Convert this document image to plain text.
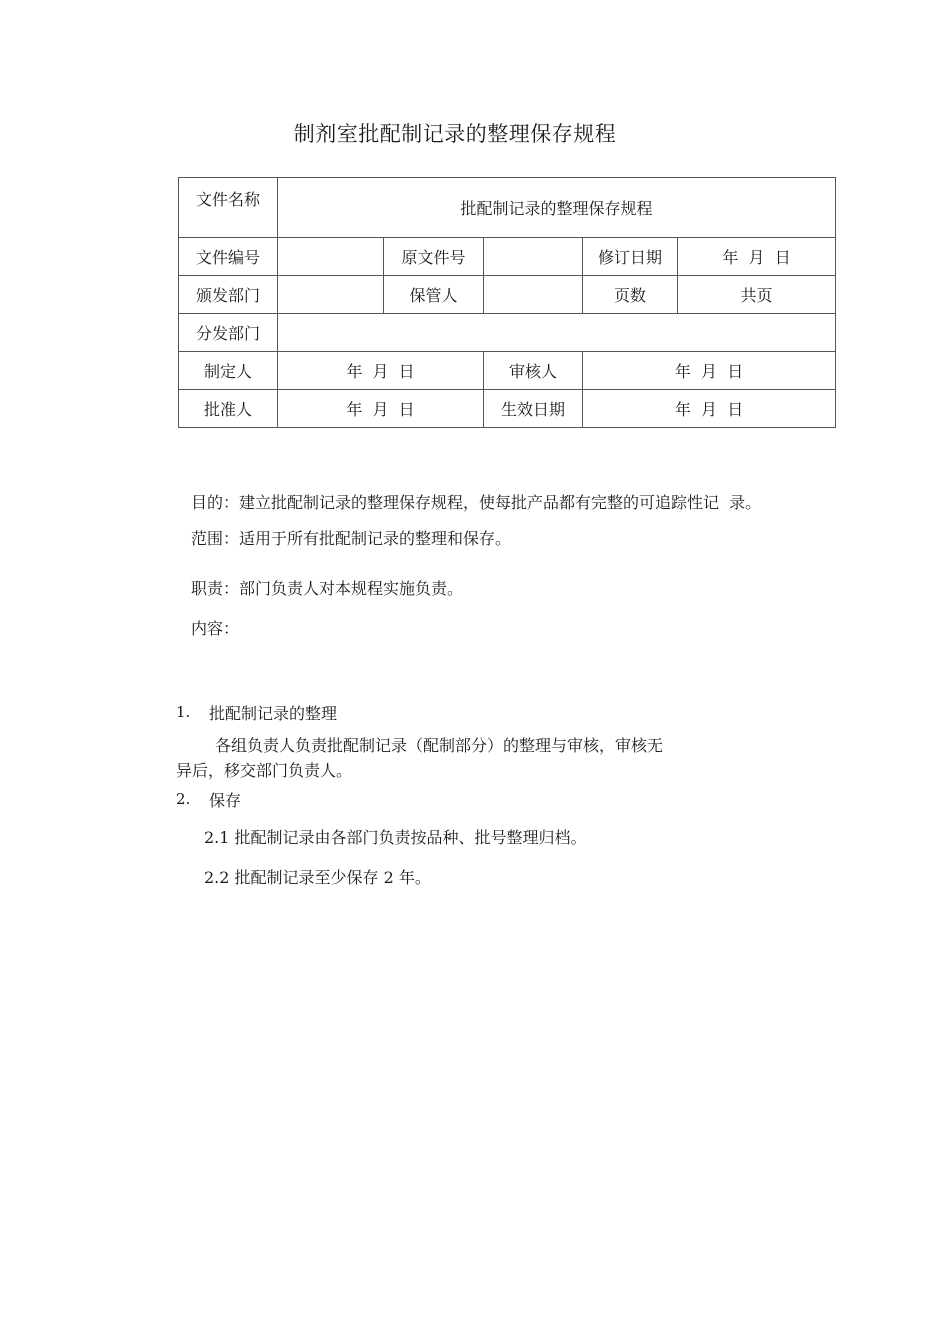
制剂室批配制记录的整理保存规程
文件名称	批配制记录的整理保存规程				
文件编号		原文件号		修订日期	年  月  日
颁发部门		保管人		页数	共页
分发部门					
制定人	年  月  日		审核人	年  月  日	
批准人	年  月  日		生效日期	年  月  日	
目的：建立批配制记录的整理保存规程，使每批产品都有完整的可追踪性记  录。
范围：适用于所有批配制记录的整理和保存。
职责：部门负责人对本规程实施负责。
内容：
1. 批配制记录的整理
各组负责人负责批配制记录（配制部分）的整理与审核，审核无
异后，移交部门负责人。
2. 保存
2.1 批配制记录由各部门负责按品种、批号整理归档。
2.2 批配制记录至少保存 2 年。
